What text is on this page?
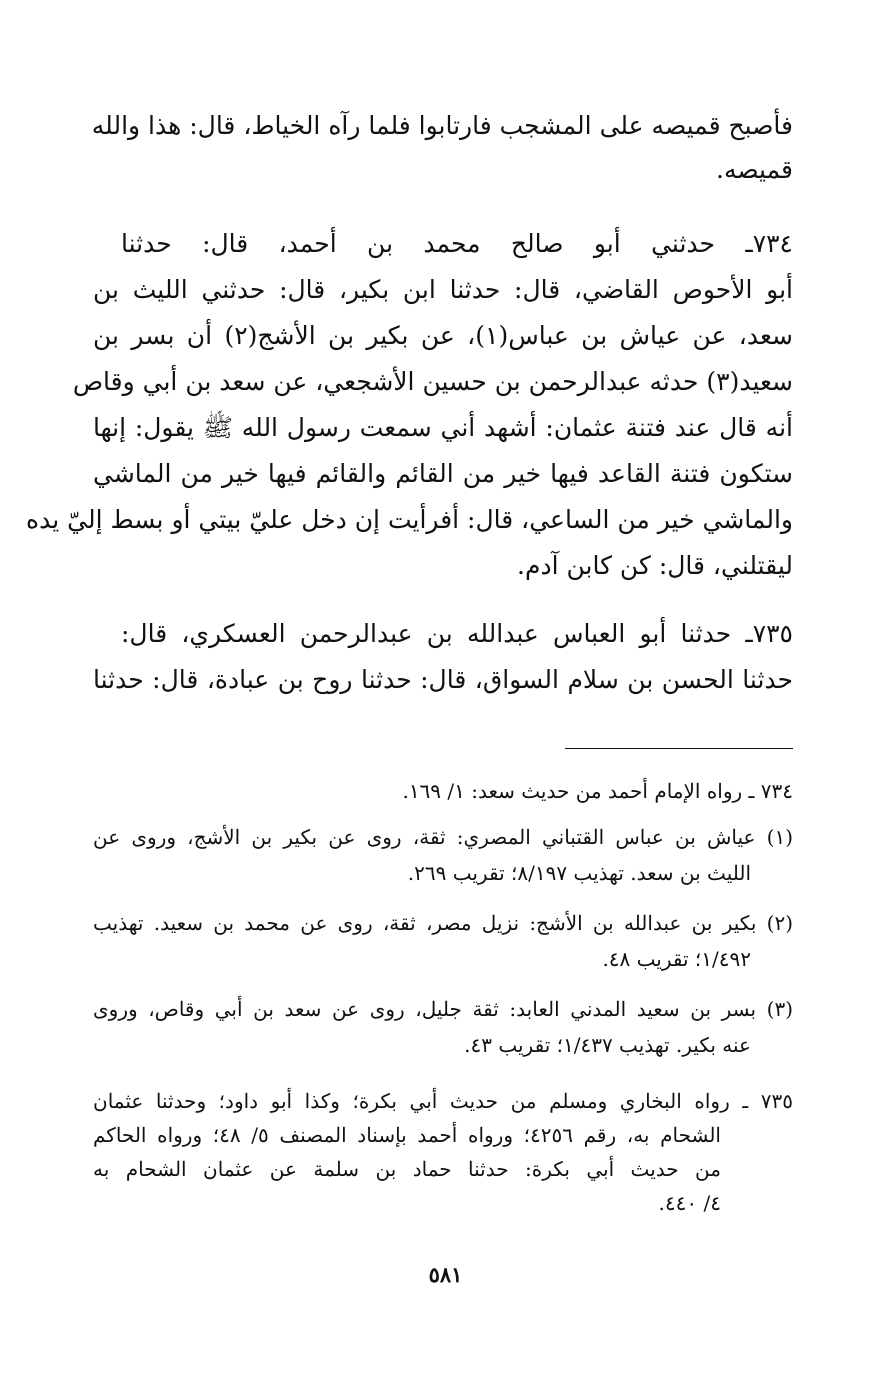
فأصبح قميصه على المشجب فارتابوا فلما رآه الخياط، قال: هذا والله
قميصه.
٧٣٤ـ حدثني أبو صالح محمد بن أحمد، قال: حدثنا
أبو الأحوص القاضي، قال: حدثنا ابن بكير، قال: حدثني الليث بن
سعد، عن عياش بن عباس(١)، عن بكير بن الأشج(٢) أن بسر بن
سعيد(٣) حدثه عبدالرحمن بن حسين الأشجعي، عن سعد بن أبي وقاص
أنه قال عند فتنة عثمان: أشهد أني سمعت رسول الله ﷺ يقول: إنها
ستكون فتنة القاعد فيها خير من القائم والقائم فيها خير من الماشي
والماشي خير من الساعي، قال: أفرأيت إن دخل عليّ بيتي أو بسط إليّ يده
ليقتلني، قال: كن كابن آدم.
٧٣٥ـ حدثنا أبو العباس عبدالله بن عبدالرحمن العسكري، قال:
حدثنا الحسن بن سلام السواق، قال: حدثنا روح بن عبادة، قال: حدثنا
٧٣٤ ـ رواه الإمام أحمد من حديث سعد: ١/ ١٦٩.
(١) عياش بن عباس القتباني المصري: ثقة، روى عن بكير بن الأشج، وروى عن
الليث بن سعد. تهذيب ٨/١٩٧؛ تقريب ٢٦٩.
(٢) بكير بن عبدالله بن الأشج: نزيل مصر، ثقة، روى عن محمد بن سعيد. تهذيب
١/٤٩٢؛ تقريب ٤٨.
(٣) بسر بن سعيد المدني العابد: ثقة جليل، روى عن سعد بن أبي وقاص، وروى
عنه بكير. تهذيب ١/٤٣٧؛ تقريب ٤٣.
٧٣٥ ـ رواه البخاري ومسلم من حديث أبي بكرة؛ وكذا أبو داود؛ وحدثنا عثمان
الشحام به، رقم ٤٢٥٦؛ ورواه أحمد بإسناد المصنف ٥/ ٤٨؛ ورواه الحاكم
من حديث أبي بكرة: حدثنا حماد بن سلمة عن عثمان الشحام به
٤/ ٤٤٠.
٥٨١
